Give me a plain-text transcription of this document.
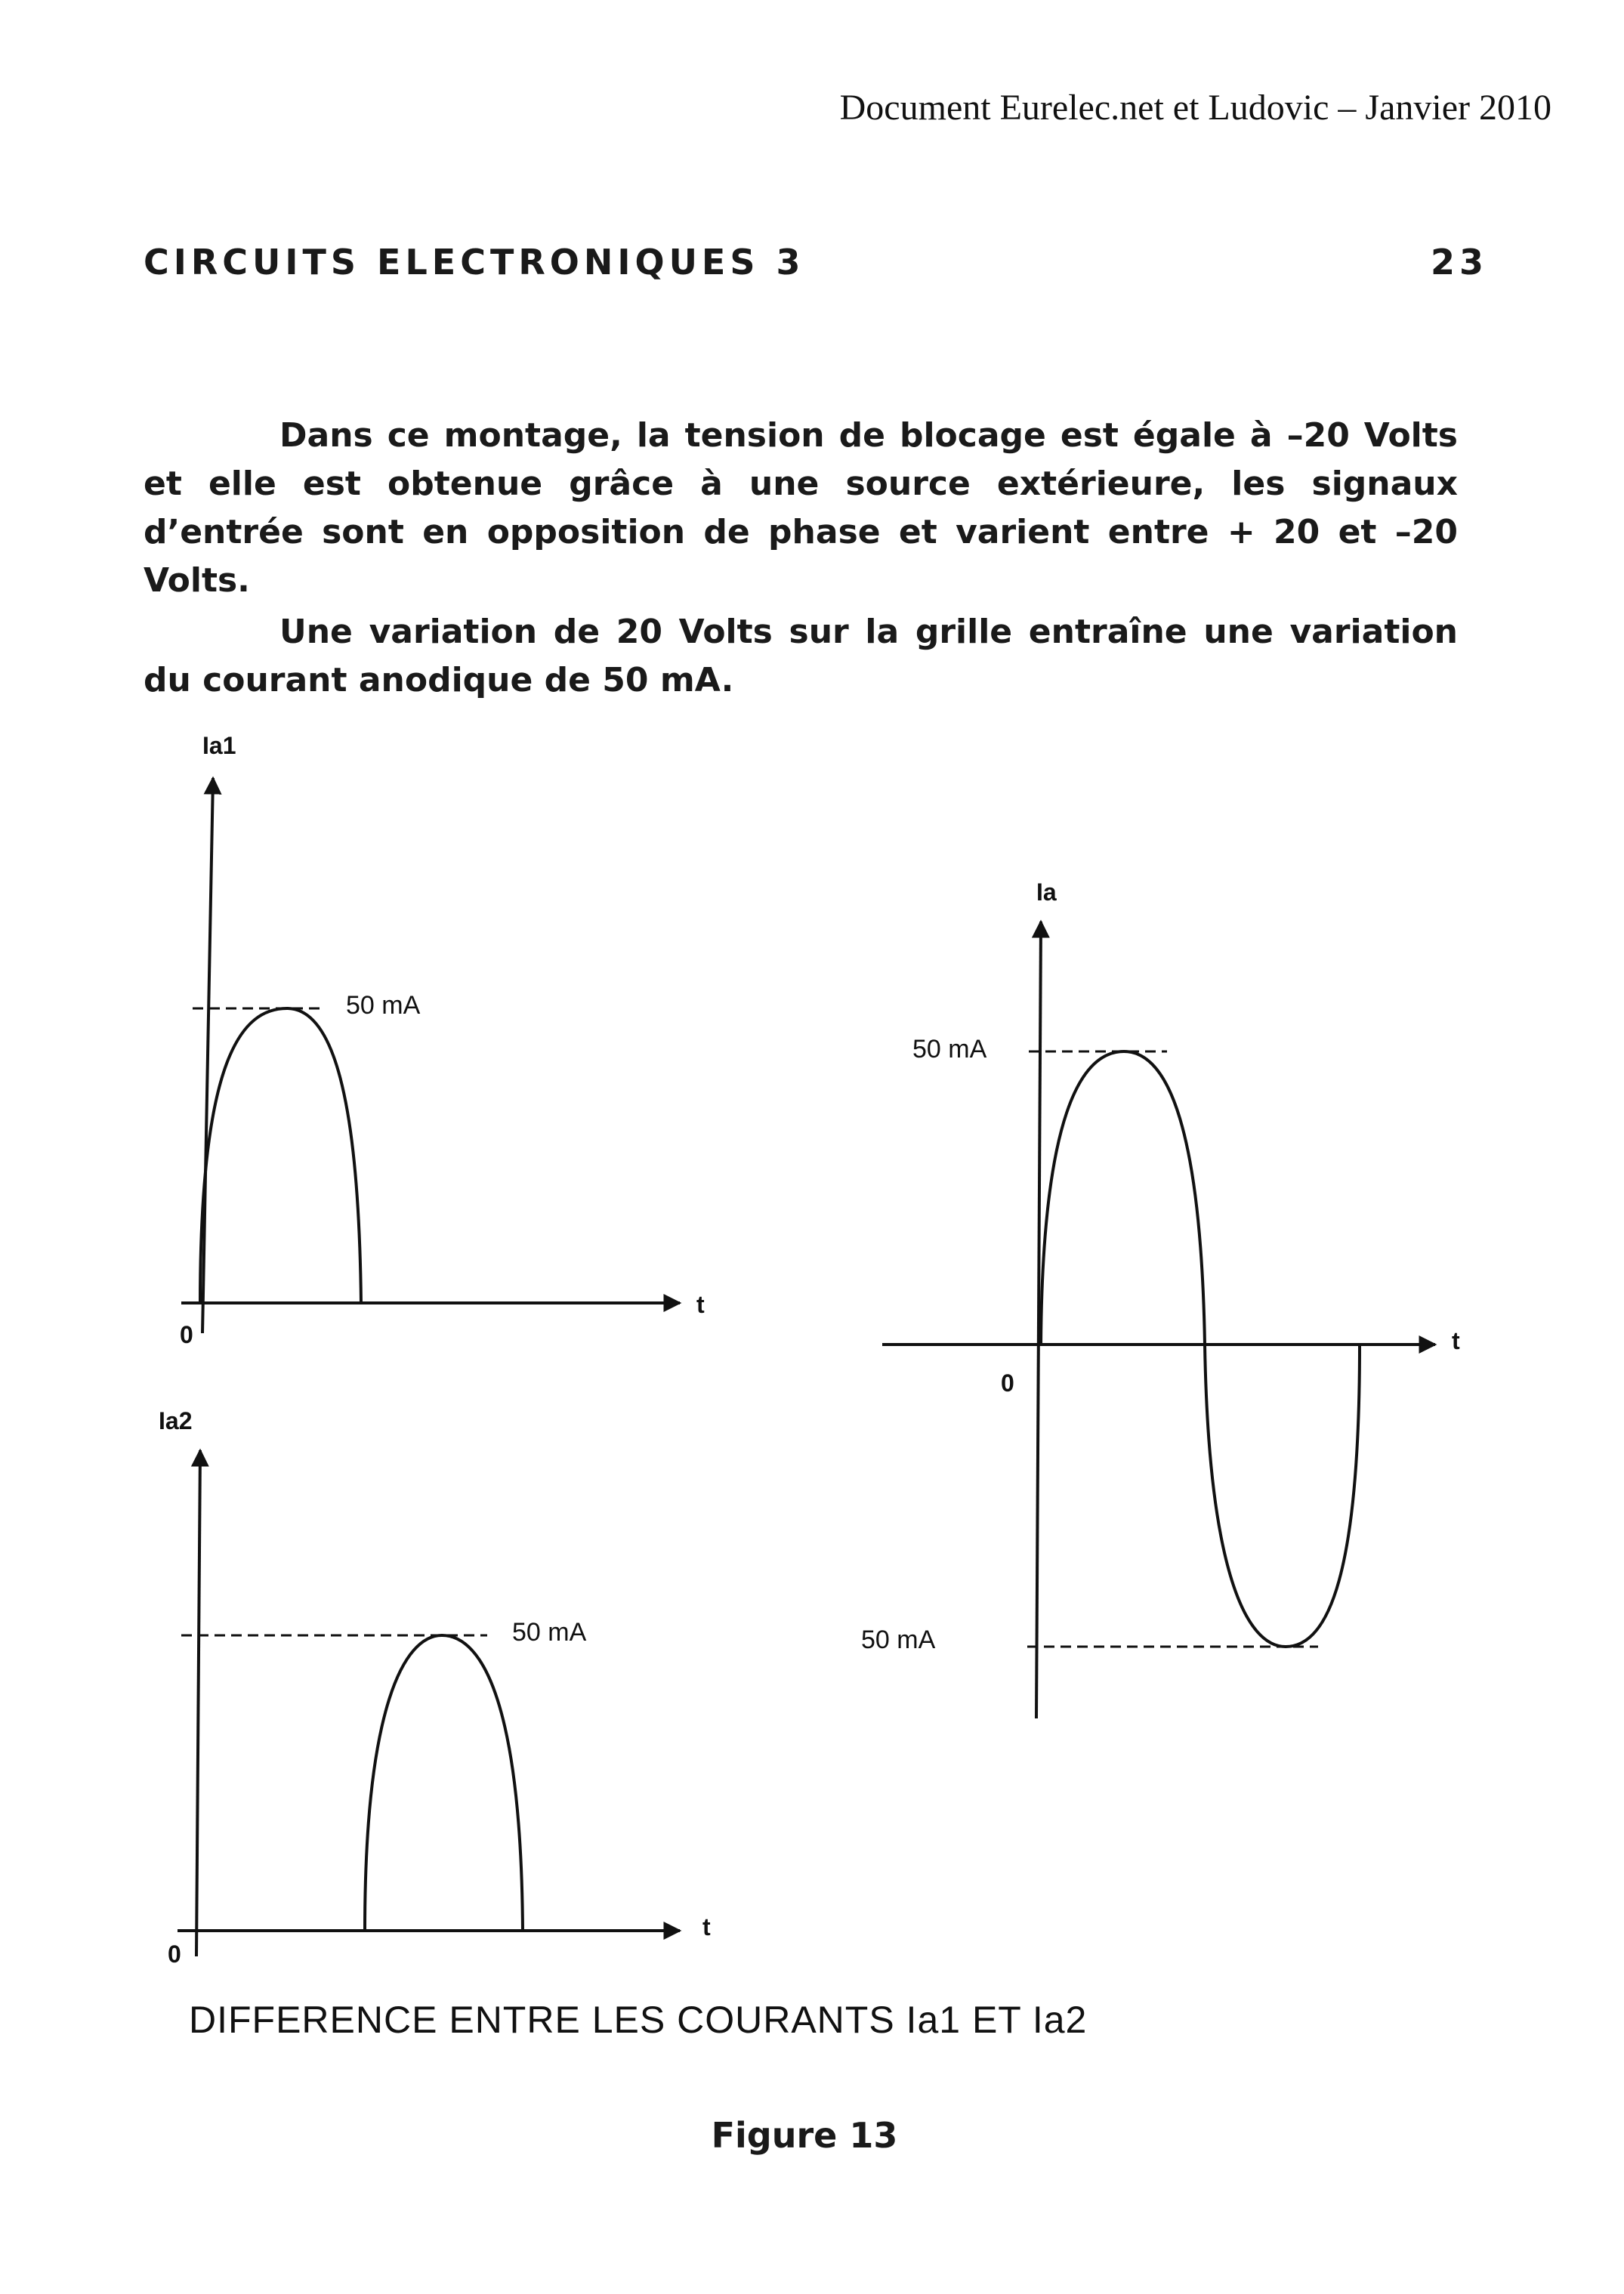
Document Eurelec.net et Ludovic – Janvier 2010
CIRCUITS ELECTRONIQUES 3	23

Dans ce montage, la tension de blocage est égale à –20 Volts et elle est obtenue grâce à une source extérieure, les signaux d’entrée sont en opposition de phase et varient entre + 20 et –20 Volts.

Une variation de 20 Volts sur la grille entraîne une variation du courant anodique de 50 mA.

Ia1
t
0
50 mA
Ia2
t
0
50 mA
Ia
t
0
50 mA
50 mA
DIFFERENCE ENTRE LES COURANTS Ia1 ET Ia2
Figure 13
